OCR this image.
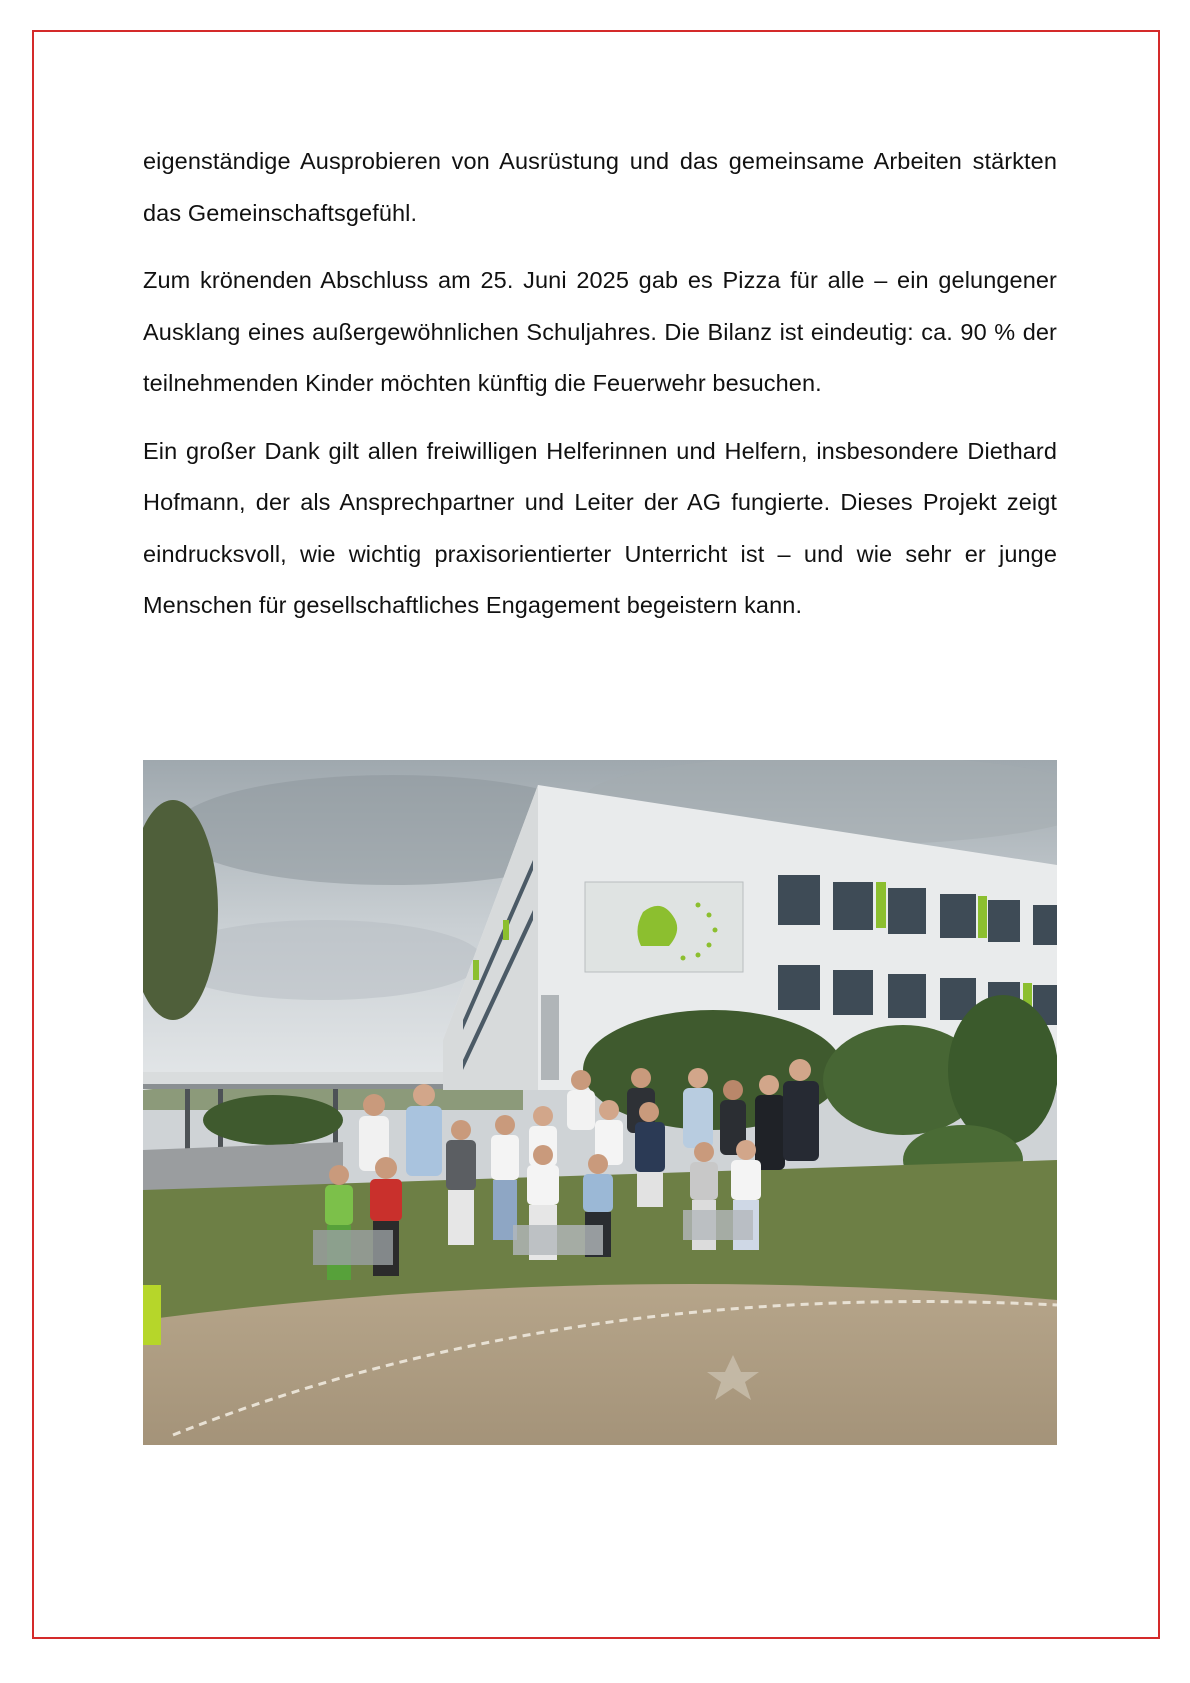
eigenständige Ausprobieren von Ausrüstung und das gemeinsame Arbeiten stärkten das Gemeinschaftsgefühl.

Zum krönenden Abschluss am 25. Juni 2025 gab es Pizza für alle – ein gelungener Ausklang eines außergewöhnlichen Schuljahres. Die Bilanz ist eindeutig: ca. 90 % der teilnehmenden Kinder möchten künftig die Feuerwehr besuchen.

Ein großer Dank gilt allen freiwilligen Helferinnen und Helfern, insbesondere Diethard Hofmann, der als Ansprechpartner und Leiter der AG fungierte. Dieses Projekt zeigt eindrucksvoll, wie wichtig praxisorientierter Unterricht ist – und wie sehr er junge Menschen für gesellschaftliches Engagement begeistern kann.
